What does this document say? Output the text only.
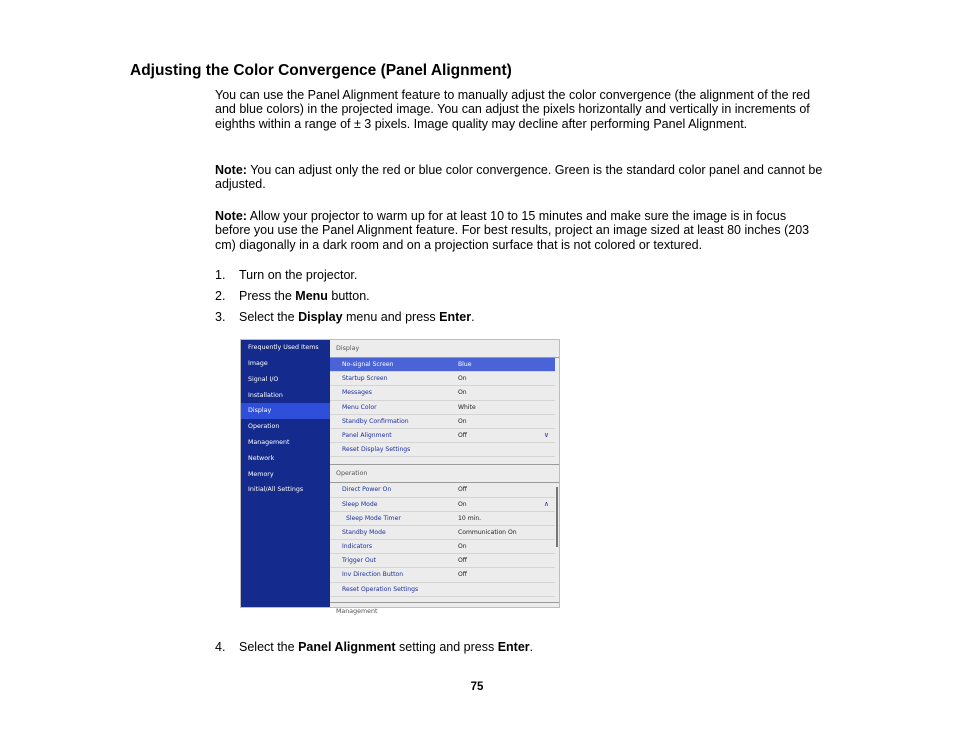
Adjusting the Color Convergence (Panel Alignment)

You can use the Panel Alignment feature to manually adjust the color convergence (the alignment of the red and blue colors) in the projected image. You can adjust the pixels horizontally and vertically in increments of eighths within a range of ± 3 pixels. Image quality may decline after performing Panel Alignment.

Note: You can adjust only the red or blue color convergence. Green is the standard color panel and cannot be adjusted.

Note: Allow your projector to warm up for at least 10 to 15 minutes and make sure the image is in focus before you use the Panel Alignment feature. For best results, project an image sized at least 80 inches (203 cm) diagonally in a dark room and on a projection surface that is not colored or textured.

1. Turn on the projector.
2. Press the Menu button.
3. Select the Display menu and press Enter.
Frequently Used Items
Image
Signal I/O
Installation
Display
Operation
Management
Network
Memory
Initial/All Settings
Display
No-signal Screen	Blue
Startup Screen	On
Messages	On
Menu Color	White
Standby Confirmation	On
Panel Alignment	Off	∨
Reset Display Settings
Operation
Direct Power On	Off
Sleep Mode	On	∧
Sleep Mode Timer	10 min.
Standby Mode	Communication On
Indicators	On
Trigger Out	Off
Inv Direction Button	Off
Reset Operation Settings
Management
4. Select the Panel Alignment setting and press Enter.
75
